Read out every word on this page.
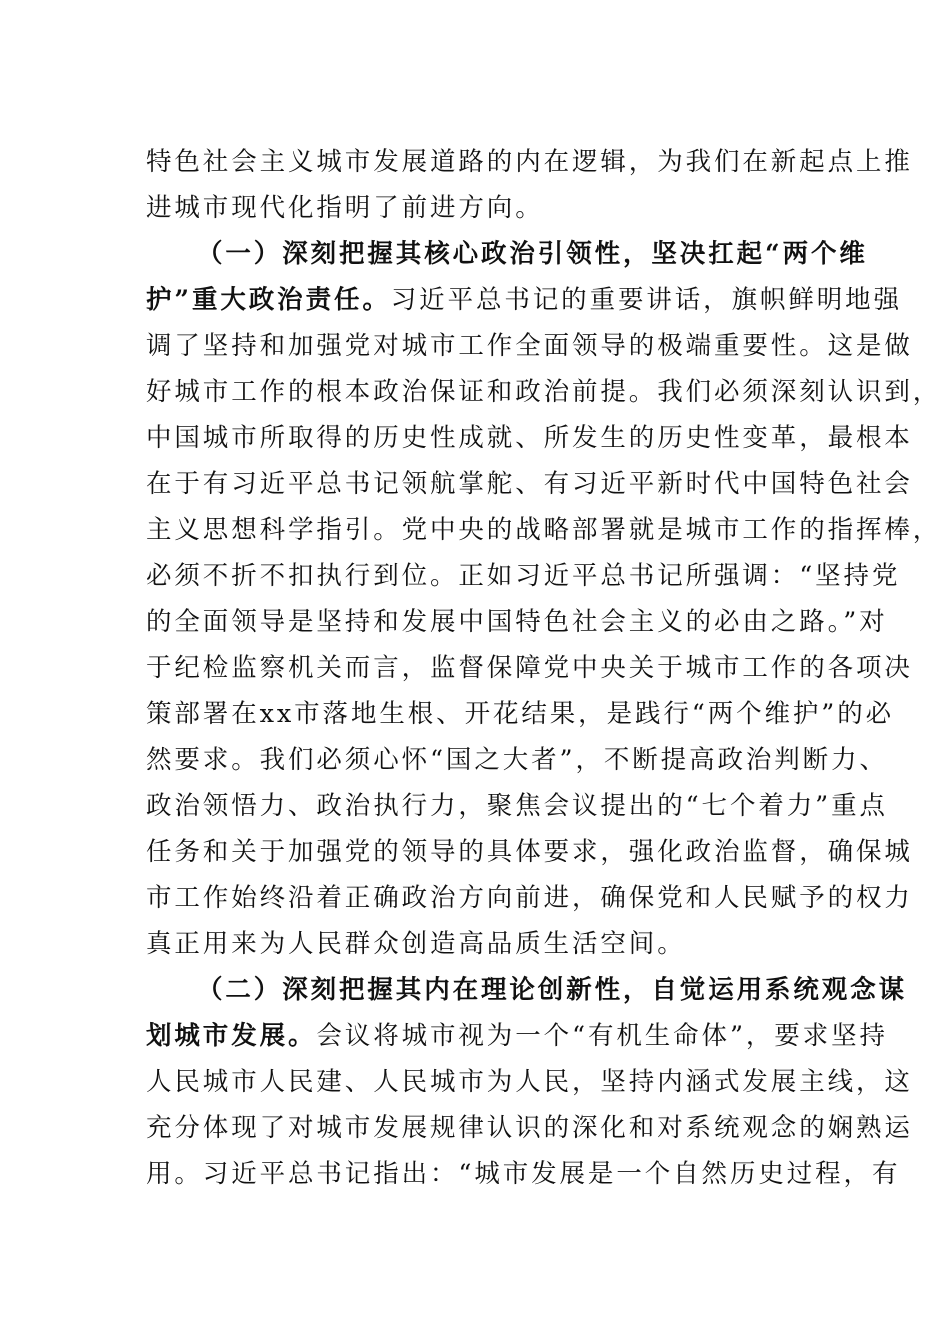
特色社会主义城市发展道路的内在逻辑，为我们在新起点上推
进城市现代化指明了前进方向。
（一）深刻把握其核心政治引领性，坚决扛起“两个维
护”重大政治责任。习近平总书记的重要讲话，旗帜鲜明地强
调了坚持和加强党对城市工作全面领导的极端重要性。这是做
好城市工作的根本政治保证和政治前提。我们必须深刻认识到，
中国城市所取得的历史性成就、所发生的历史性变革，最根本
在于有习近平总书记领航掌舵、有习近平新时代中国特色社会
主义思想科学指引。党中央的战略部署就是城市工作的指挥棒，
必须不折不扣执行到位。正如习近平总书记所强调：“坚持党
的全面领导是坚持和发展中国特色社会主义的必由之路。”对
于纪检监察机关而言，监督保障党中央关于城市工作的各项决
策部署在xx市落地生根、开花结果，是践行“两个维护”的必
然要求。我们必须心怀“国之大者”，不断提高政治判断力、
政治领悟力、政治执行力，聚焦会议提出的“七个着力”重点
任务和关于加强党的领导的具体要求，强化政治监督，确保城
市工作始终沿着正确政治方向前进，确保党和人民赋予的权力
真正用来为人民群众创造高品质生活空间。
（二）深刻把握其内在理论创新性，自觉运用系统观念谋
划城市发展。会议将城市视为一个“有机生命体”，要求坚持
人民城市人民建、人民城市为人民，坚持内涵式发展主线，这
充分体现了对城市发展规律认识的深化和对系统观念的娴熟运
用。习近平总书记指出：“城市发展是一个自然历史过程，有
